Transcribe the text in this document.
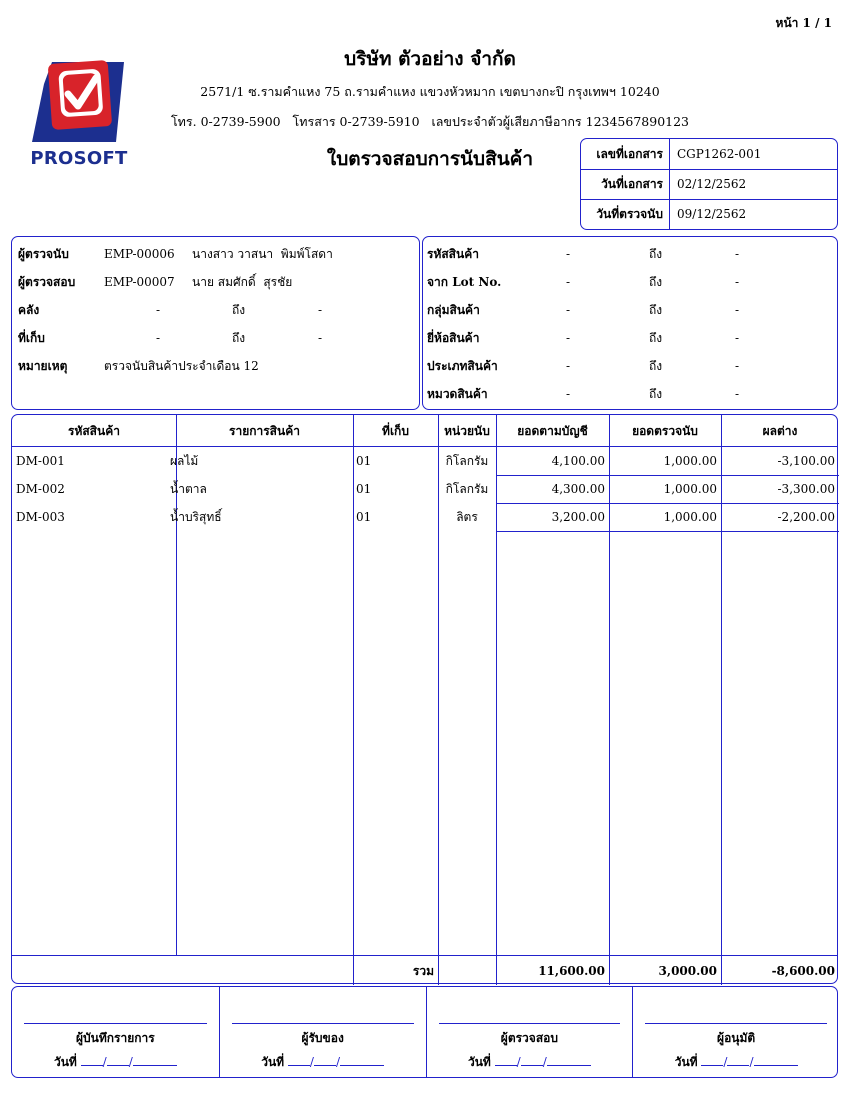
หน้า 1 / 1
PROSOFT
บริษัท ตัวอย่าง จำกัด
2571/1 ซ.รามคำแหง 75 ถ.รามคำแหง แขวงหัวหมาก เขตบางกะปิ กรุงเทพฯ 10240
โทร. 0-2739-5900   โทรสาร 0-2739-5910   เลขประจำตัวผู้เสียภาษีอากร 1234567890123
ใบตรวจสอบการนับสินค้า	เลขที่เอกสาร	CGP1262-001
วันที่เอกสาร	02/12/2562
วันที่ตรวจนับ	09/12/2562
ผู้ตรวจนับ	EMP-00006 นางสาว วาสนา  พิมพ์โสดา
ผู้ตรวจสอบ EMP-00007 นาย สมศักดิ์  สุรชัย
คลัง	-	ถึง	-
ที่เก็บ	-	ถึง	-
หมายเหตุ	ตรวจนับสินค้าประจำเดือน 12
รหัสสินค้า	-	ถึง	-
จาก Lot No.	-	ถึง	-
กลุ่มสินค้า	-	ถึง	-
ยี่ห้อสินค้า	-	ถึง	-
ประเภทสินค้า	-	ถึง	-
หมวดสินค้า	-	ถึง	-
รหัสสินค้า	รายการสินค้า	ที่เก็บ	หน่วยนับ	ยอดตามบัญชี	ยอดตรวจนับ	ผลต่าง
DM-001	ผลไม้	01	กิโลกรัม	4,100.00	1,000.00	-3,100.00
DM-002	น้ำตาล	01	กิโลกรัม	4,300.00	1,000.00	-3,300.00
DM-003	น้ำบริสุทธิ์	01	ลิตร	3,200.00	1,000.00	-2,200.00
รวม	11,600.00	3,000.00	-8,600.00
ผู้บันทึกรายการ
วันที่ / /
ผู้รับของ
วันที่ / /
ผู้ตรวจสอบ
วันที่ / /
ผู้อนุมัติ
วันที่ / /
